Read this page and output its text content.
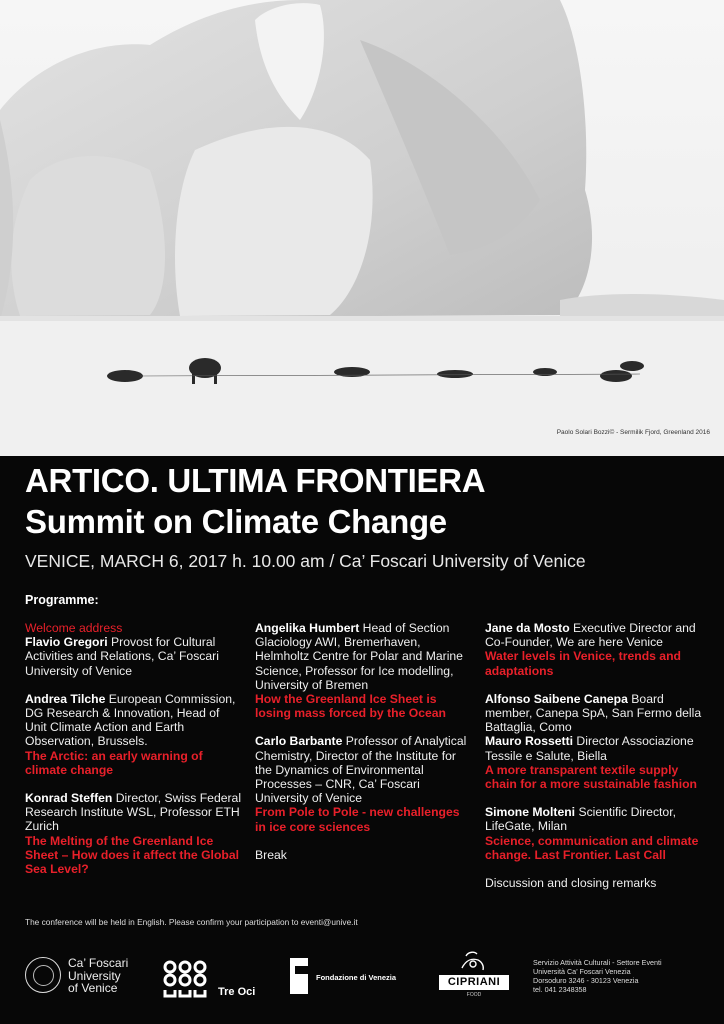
Paolo Solari Bozzi© - Sermilik Fjord, Greenland 2016
ARTICO. ULTIMA FRONTIERA
Summit on Climate Change
VENICE, MARCH 6, 2017 h. 10.00 am / Ca’ Foscari University of Venice
Programme:
Welcome address
Flavio Gregori Provost for Cultural Activities and Relations, Ca’ Foscari University of Venice
Andrea Tilche European Commission, DG Research & Innovation, Head of Unit Climate Action and Earth Observation, Brussels.
The Arctic: an early warning of climate change
Konrad Steffen Director, Swiss Federal Research Institute WSL, Professor ETH Zurich
The Melting of the Greenland Ice Sheet – How does it affect the Global Sea Level?
Angelika Humbert Head of Section Glaciology AWI, Bremerhaven, Helmholtz Centre for Polar and Marine Science, Professor for Ice modelling, University of Bremen
How the Greenland Ice Sheet is losing mass forced by the Ocean
Carlo Barbante Professor of Analytical Chemistry, Director of the Institute for the Dynamics of Environmental Processes – CNR, Ca’ Foscari University of Venice
From Pole to Pole - new challenges in ice core sciences
Break
Jane da Mosto Executive Director and Co-Founder, We are here Venice
Water levels in Venice, trends and adaptations
Alfonso Saibene Canepa Board member, Canepa SpA, San Fermo della Battaglia, Como
Mauro Rossetti Director Associazione Tessile e Salute, Biella
A more transparent textile supply chain for a more sustainable fashion
Simone Molteni Scientific Director, LifeGate, Milan
Science, communication and climate change. Last Frontier. Last Call
Discussion and closing remarks
The conference will be held in English. Please confirm your participation to eventi@unive.it
Ca’ Foscari
University
of Venice	Tre Oci
Fondazione di Venezia	CIPRIANI
FOOD
Servizio Attività Culturali - Settore Eventi
Università Ca’ Foscari Venezia
Dorsoduro 3246 - 30123 Venezia
tel. 041 2348358
